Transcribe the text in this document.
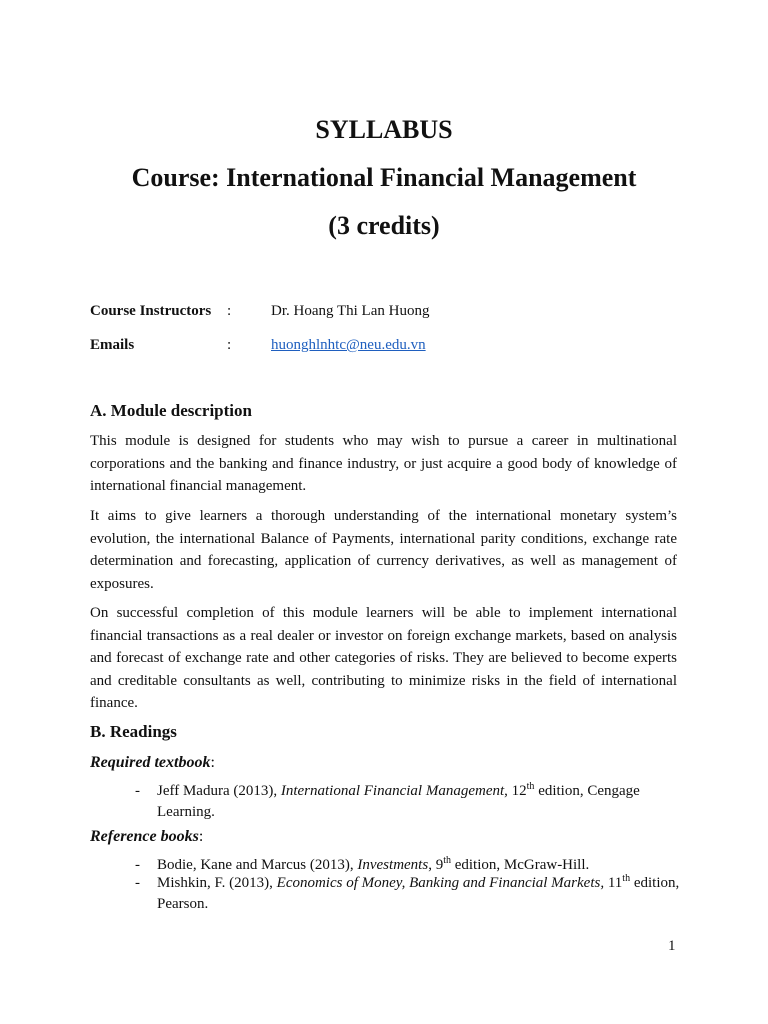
SYLLABUS
Course: International Financial Management
(3 credits)
Course Instructors :	Dr. Hoang Thi Lan Huong
Emails	:	huonghlnhtc@neu.edu.vn
A. Module description
This module is designed for students who may wish to pursue a career in multinational corporations and the banking and finance industry, or just acquire a good body of knowledge of international financial management.
It aims to give learners a thorough understanding of the international monetary system’s evolution, the international Balance of Payments, international parity conditions, exchange rate determination and forecasting, application of currency derivatives, as well as management of exposures.
On successful completion of this module learners will be able to implement international financial transactions as a real dealer or investor on foreign exchange markets, based on analysis and forecast of exchange rate and other categories of risks. They are believed to become experts and creditable consultants as well, contributing to minimize risks in the field of international finance.
B. Readings
Required textbook:
- Jeff Madura (2013), International Financial Management, 12th edition, Cengage Learning.
Reference books:
- Bodie, Kane and Marcus (2013), Investments, 9th edition, McGraw-Hill.
- Mishkin, F. (2013), Economics of Money, Banking and Financial Markets, 11th edition, Pearson.
1
